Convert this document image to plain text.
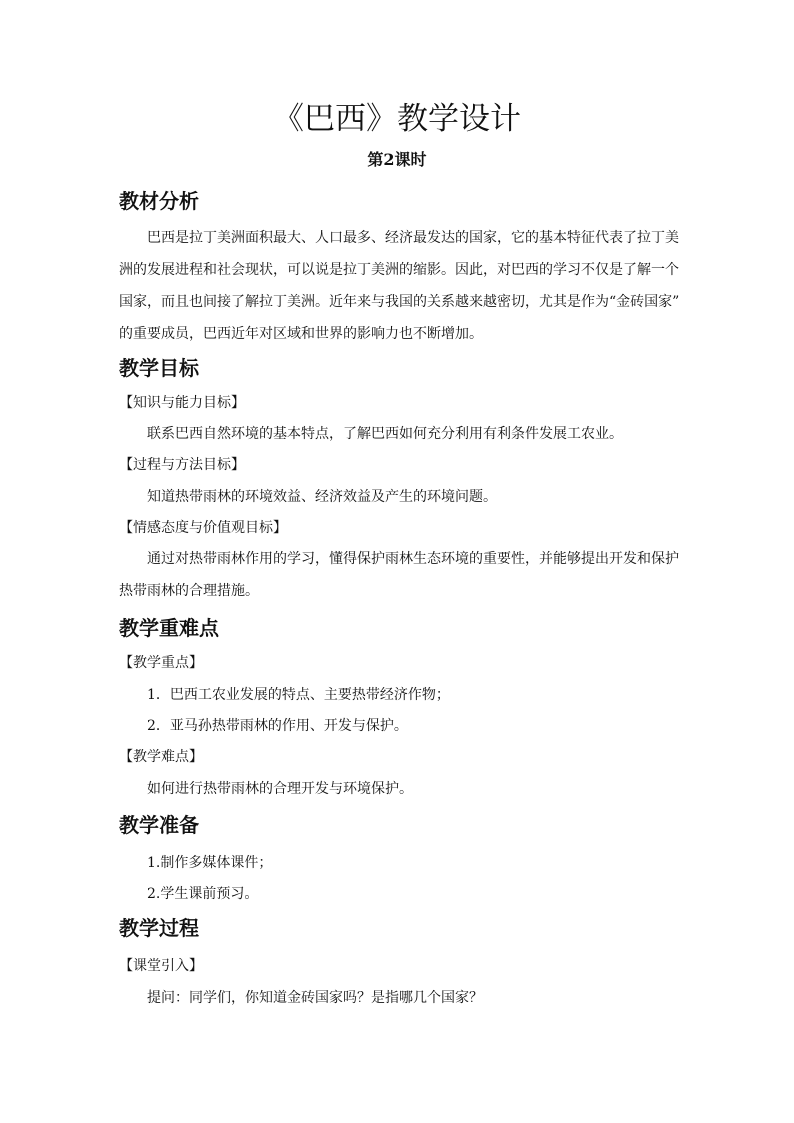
《巴西》教学设计
第2课时
教材分析
巴西是拉丁美洲面积最大、人口最多、经济最发达的国家，它的基本特征代表了拉丁美
洲的发展进程和社会现状，可以说是拉丁美洲的缩影。因此，对巴西的学习不仅是了解一个
国家，而且也间接了解拉丁美洲。近年来与我国的关系越来越密切，尤其是作为“金砖国家”
的重要成员，巴西近年对区域和世界的影响力也不断增加。
教学目标
【知识与能力目标】
联系巴西自然环境的基本特点，了解巴西如何充分利用有利条件发展工农业。
【过程与方法目标】
知道热带雨林的环境效益、经济效益及产生的环境问题。
【情感态度与价值观目标】
通过对热带雨林作用的学习，懂得保护雨林生态环境的重要性，并能够提出开发和保护
热带雨林的合理措施。
教学重难点
【教学重点】
1．巴西工农业发展的特点、主要热带经济作物；
2．亚马孙热带雨林的作用、开发与保护。
【教学难点】
如何进行热带雨林的合理开发与环境保护。
教学准备
1.制作多媒体课件；
2.学生课前预习。
教学过程
【课堂引入】
提问：同学们，你知道金砖国家吗？是指哪几个国家？
